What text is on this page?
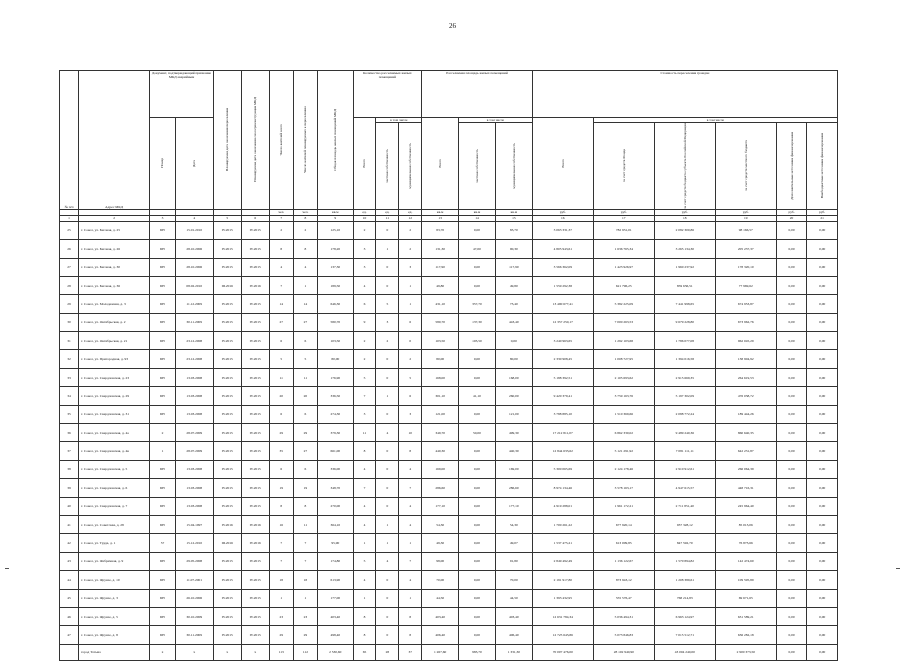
26
№ п/п	Адрес МКД	Документ, подтверждающий признание МКД аварийным		Планируемая дата окончания переселения	Планируемая дата окончания сноса/реконструкции МКД	Число жителей всего	Число жителей планируемых к переселению	Общая площадь жилых помещений МКД	Количество расселяемых жилых помещений			Расселяемая площадь жилых помещений			Стоимость переселения граждан					

		Номер	Дата						Всего	в том числе		Всего	в том числе		Всего	в том числе				

										частная собственность	муниципальная собственность		частная собственность	муниципальная собственность		за счет средств Фонда	за счет средств бюджета субъекта Российской Федерации	за счет средств местного бюджета	Дополнительные источники финансирования	Внебюджетные источники финансирования

						чел.	чел.	кв.м	ед.	ед.	ед.	кв.м	кв.м	кв.м	руб.	руб.	руб.	руб.	руб.	руб.
1	2	3	4	5	6	7	8	9	10	11	12	13	14	15	16	17	18	19	20	21
25	г. Сокол, ул. Беговая, д. 25	БН	15.01.2010	IV.2015	IV.2015	2	2	125,10	2	0	2	83,70	0,00	83,70	3 063 331,37	782 931,01	2 082 300,86	98 166,57	0,00	0,00
26	г. Сокол, ул. Беговая, д. 26	БН	28.10.2006	IV.2015	IV.2015	8	8	178,20	3	1	2	131,30	47,00	90,30	4 805 943,61	1 636 765,34	3 265 134,30	205 237,37	0,00	0,00
27	г. Сокол, ул. Беговая, д. 30	БН	28.10.2006	IV.2015	IV.2015	4	4	137,30	3	0	3	117,90	0,00	117,90	3 566 362,09	1 423 926,97	1 960 237,92	178 320,10	0,00	0,00
28	г. Сокол, ул. Беговая, д. 36	БН	08.02.2010	III.2016	IV.2016	7	1	189,50	4	0	1	49,80	0,00	49,80	1 559 292,38	621 796,25	859 636,51	77 969,62	0,00	0,00
29	г. Сокол, ул. Молодежная, д. 3	БН	11.12.2009	IV.2015	IV.2015	14	14	646,30	6	5	1	431,10	357,70	73,40	13 490 677,41	5 382 225,09	7 441 998,65	674 953,87	0,00	0,00
30	г. Сокол, ул. Октябрьская, д. 2	БН	30.11.2009	IV.2015	IV.2015	27	27	580,70	9	3	6	580,70	137,30	443,40	12 357 250,17	7 000 263,53	9 679 228,80	673 962,76	0,00	0,00
31	г. Сокол, ул. Октябрьская, д. 21	БН	23.12.2008	IV.2015	IV.2015	6	6	103,50	2	2	0	103,50	103,50	0,00	3 240 963,65	1 292 103,68	1 786 077,08	962 045,29	0,00	0,00
32	г. Сокол, ул. Пригородная, д. 93	БН	23.12.2008	IV.2015	IV.2015	5	5	80,00	2	0	2	80,00	0,00	80,00	2 330 908,45	1 008 727,95	1 394 016,58	138 904,92	0,00	0,00
33	г. Сокол, ул. Свердловская, д. 23	БН	13.03.2008	IV.2015	IV.2015	11	11	176,90	5	0	5	168,00	0,00	168,00	5 188 392,51	2 105 693,62	2 915 669,35	264 619,53	0,00	0,00
34	г. Сокол, ул. Свердловская, д. 29	БН	13.03.2008	IV.2015	IV.2015	20	20	336,50	7	1	6	301,10	41,10	260,00	9 420 379,41	3 759 163,76	5 197 302,09	476 038,72	0,00	0,00
35	г. Сокол, ул. Свердловская, д. 31	БН	13.03.2008	IV.2015	IV.2015	6	6	274,30	3	0	3	121,00	0,00	121,00	3 788 885,10	1 510 369,66	2 088 772,24	189 444,26	0,00	0,00
36	г. Сокол, ул. Свердловская, д. 4а	2	28.07.2009	IV.2015	IV.2015	29	29	379,30	11	4	10	349,70	50,00	499,30	17 212 811,07	6 862 330,02	9 489 240,36	860 640,35	0,00	0,00
37	г. Сокол, ул. Свердловская, д. 4в	1	28.07.2009	IV.2015	IV.2015	35	27	661,00	8	0	8	440,30	0,00	440,30	12 844 633,62	5 121 291,92	7 081 111,11	642 231,87	0,00	0,00
38	г. Сокол, ул. Свердловская, д. 5	БН	13.03.2008	IV.2015	IV.2015	6	6	336,00	4	0	4	169,00	0,00	169,00	5 300 065,69	2 124 178,46	2 910 912,61	266 064,39	0,00	0,00
39	г. Сокол, ул. Свердловская, д. 6	БН	13.03.2008	IV.2015	IV.2015	19	19	348,70	7	0	7	286,60	0,00	286,60	8 974 134,46	3 578 163,17	4 947 615,57	448 716,31	0,00	0,00
40	г. Сокол, ул. Свердловская, д. 7	БН	13.03.2008	IV.2015	IV.2015	8	8	270,00	4	0	4	177,10	0,00	177,10	4 919 288,01	1 961 172,21	2 711 851,40	245 964,40	0,00	0,00
41	г. Сокол, ул. Советская, д. 28	БН	15.04.1997	IV.2016	IV.2016	16	11	364,10	4	1	4	54,30	0,00	54,30	1 700 261,22	677 920,14	937 328,12	85 013,06	0,00	0,00
42	г. Сокол, ул. Труда, д. 1	57	15.12.2010	III.2016	IV.2016	7	7	95,90	1	1	1	49,30	0,00	49,07	1 537 475,21	613 009,85	847 592,70	76 873,66	0,00	0,00
43	г. Сокол, ул. Фабричная, д. 9	БН	29.05.2008	IV.2015	IV.2015	7	7	174,80	5	4	7	98,00	0,00	91,80	2 849 492,49	1 136 122,67	1 570 894,82	142 474,60	0,00	0,00
44	г. Сокол, ул. Фрунзе, д. 10	БН	11.07.2001	IV.2015	IV.2015	18	18	613,90	4	0	4	70,00	0,00	70,00	2 191 917,80	873 943,12	1 208 389,61	109 595,89	0,00	0,00
45	г. Сокол, ул. Фрунзе, д. 3	БН	26.10.2006	IV.2015	IV.2015	1	1	177,00	1	0	1	44,50	0,00	44,50	1 393 432,95	555 576,47	768 214,83	69 671,65	0,00	0,00
46	г. Сокол, ул. Фрунзе, д. 5	БН	30.10.2009	IV.2015	IV.2015	23	23	403,40	8	0	8	403,40	0,00	403,40	12 631 784,34	5 036 494,31	6 963 124,97	631 589,21	0,00	0,00
47	г. Сокол, ул. Фрунзе, д. 8	БН	30.11.2009	IV.2015	IV.2015	29	29	498,40	8	0	8	406,40	0,00	406,40	12 725 643,86	5 073 846,83	7 015 512,71	636 282,18	0,00	0,00
	город Тотьма	x	x	x	x	113	112	2 530,60	65	28	37	1 267,60	983,70	1 331,30	70 007 476,00	28 102 940,90	43 004 240,00	2 900 373,50	0,00	0,00
